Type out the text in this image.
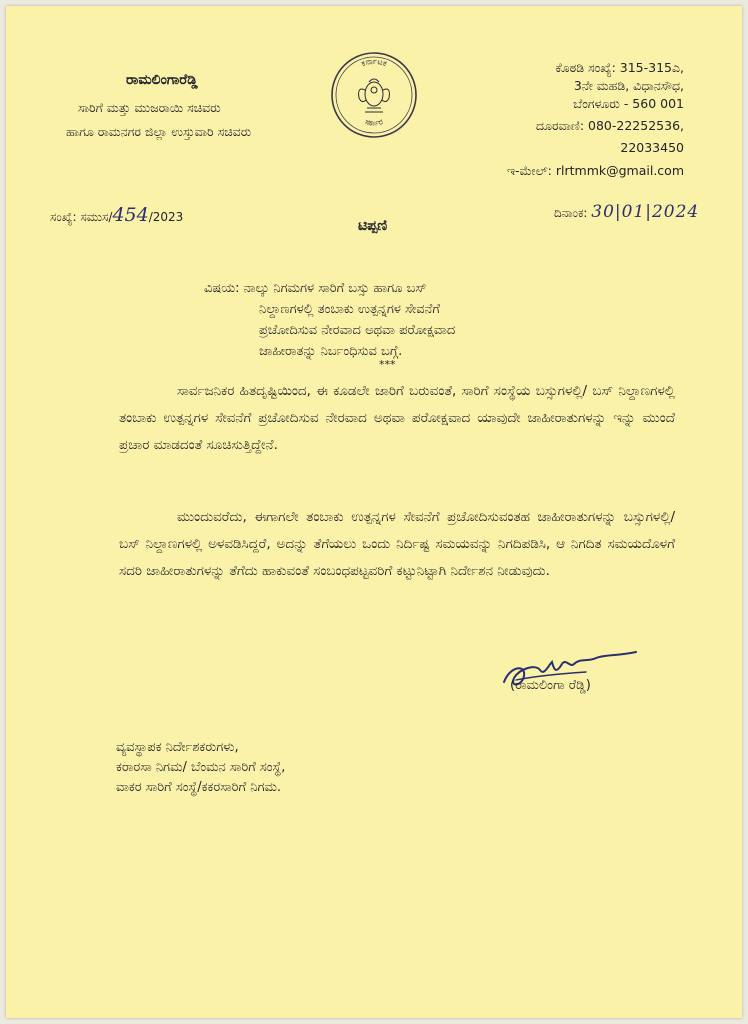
ರಾಮಲಿಂಗಾರೆಡ್ಡಿ
ಸಾರಿಗೆ ಮತ್ತು ಮುಜರಾಯಿ ಸಚಿವರು
ಹಾಗೂ ರಾಮನಗರ ಜಿಲ್ಲಾ ಉಸ್ತುವಾರಿ ಸಚಿವರು
ಕರ್ನಾಟಕ
ಸರ್ಕಾರ
ಕೊಠಡಿ ಸಂಖ್ಯೆ: 315-315ಎ,
3ನೇ ಮಹಡಿ, ವಿಧಾನಸೌಧ,
ಬೆಂಗಳೂರು - 560 001
ದೂರವಾಣಿ: 080-22252536,
22033450
ಇ-ಮೇಲ್: rlrtmmk@gmail.com
ಸಂಖ್ಯೆ: ಸಮುಸ/454/2023	ದಿನಾಂಕ: 30|01|2024
ಟಿಪ್ಪಣಿ
ವಿಷಯ: ನಾಲ್ಕು ನಿಗಮಗಳ ಸಾರಿಗೆ ಬಸ್ಸು ಹಾಗೂ ಬಸ್
ನಿಲ್ದಾಣಗಳಲ್ಲಿ ತಂಬಾಕು ಉತ್ಪನ್ನಗಳ ಸೇವನೆಗೆ
ಪ್ರಚೋದಿಸುವ ನೇರವಾದ ಅಥವಾ ಪರೋಕ್ಷವಾದ
ಜಾಹೀರಾತನ್ನು ನಿರ್ಬಂಧಿಸುವ ಬಗ್ಗೆ.
***
ಸಾರ್ವಜನಿಕರ ಹಿತದೃಷ್ಟಿಯಿಂದ, ಈ ಕೂಡಲೇ ಜಾರಿಗೆ ಬರುವಂತೆ, ಸಾರಿಗೆ ಸಂಸ್ಥೆಯ ಬಸ್ಸುಗಳಲ್ಲಿ/ ಬಸ್ ನಿಲ್ದಾಣಗಳಲ್ಲಿ ತಂಬಾಕು ಉತ್ಪನ್ನಗಳ ಸೇವನೆಗೆ ಪ್ರಚೋದಿಸುವ ನೇರವಾದ ಅಥವಾ ಪರೋಕ್ಷವಾದ ಯಾವುದೇ ಜಾಹೀರಾತುಗಳನ್ನು ಇನ್ನು ಮುಂದೆ ಪ್ರಚಾರ ಮಾಡದಂತೆ ಸೂಚಿಸುತ್ತಿದ್ದೇನೆ.
ಮುಂದುವರೆದು, ಈಗಾಗಲೇ ತಂಬಾಕು ಉತ್ಪನ್ನಗಳ ಸೇವನೆಗೆ ಪ್ರಚೋದಿಸುವಂತಹ ಜಾಹೀರಾತುಗಳನ್ನು ಬಸ್ಸುಗಳಲ್ಲಿ/ ಬಸ್ ನಿಲ್ದಾಣಗಳಲ್ಲಿ ಅಳವಡಿಸಿದ್ದರೆ, ಅದನ್ನು ತೆಗೆಯಲು ಒಂದು ನಿರ್ದಿಷ್ಟ ಸಮಯವನ್ನು ನಿಗದಿಪಡಿಸಿ, ಆ ನಿಗದಿತ ಸಮಯದೊಳಗೆ ಸದರಿ ಜಾಹೀರಾತುಗಳನ್ನು ತೆಗೆದು ಹಾಕುವಂತೆ ಸಂಬಂಧಪಟ್ಟವರಿಗೆ ಕಟ್ಟುನಿಟ್ಟಾಗಿ ನಿರ್ದೇಶನ ನೀಡುವುದು.
(ರಾಮಲಿಂಗಾ ರೆಡ್ಡಿ)
ವ್ಯವಸ್ಥಾಪಕ ನಿರ್ದೇಶಕರುಗಳು,
ಕರಾರಸಾ ನಿಗಮ/ ಬೆಂಮನ ಸಾರಿಗೆ ಸಂಸ್ಥೆ,
ವಾಕರ ಸಾರಿಗೆ ಸಂಸ್ಥೆ/ಕಕರಸಾರಿಗೆ ನಿಗಮ.
